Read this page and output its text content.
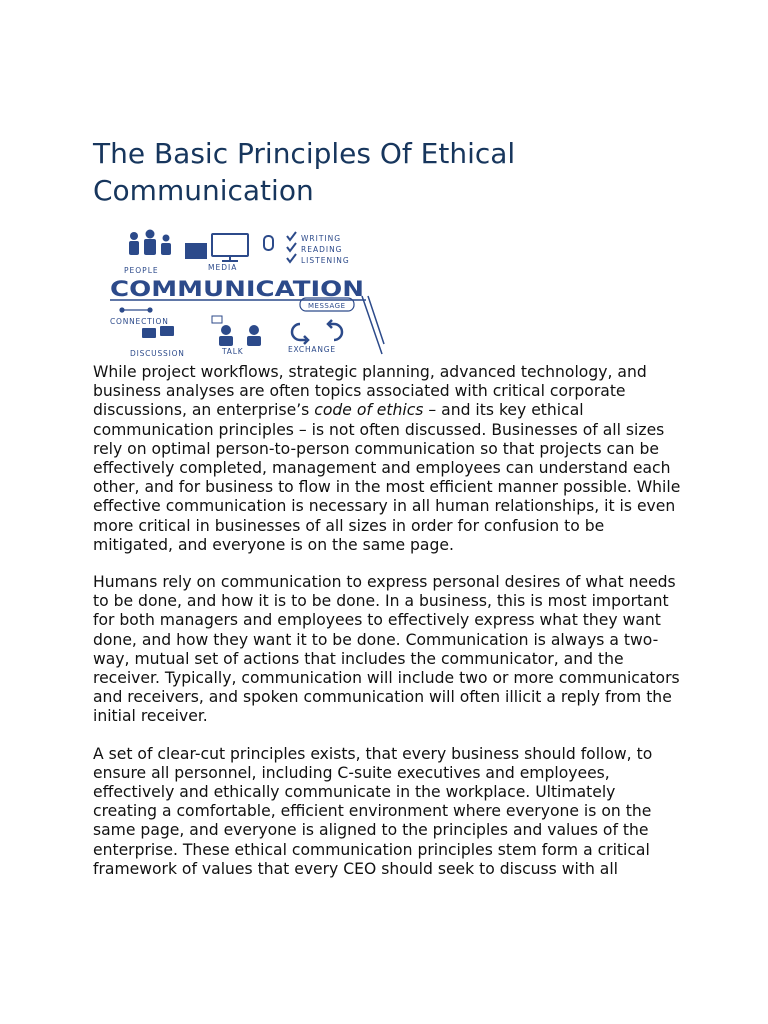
The Basic Principles Of Ethical Communication
PEOPLE	MEDIA
WRITING
READING
LISTENING
COMMUNICATION
MESSAGE
CONNECTION
DISCUSSION	TALK	EXCHANGE

While project workflows, strategic planning, advanced technology, and business analyses are often topics associated with critical corporate discussions, an enterprise’s code of ethics – and its key ethical communication principles – is not often discussed. Businesses of all sizes rely on optimal person-to-person communication so that projects can be effectively completed, management and employees can understand each other, and for business to flow in the most efficient manner possible. While effective communication is necessary in all human relationships, it is even more critical in businesses of all sizes in order for confusion to be mitigated, and everyone is on the same page.

Humans rely on communication to express personal desires of what needs to be done, and how it is to be done. In a business, this is most important for both managers and employees to effectively express what they want done, and how they want it to be done. Communication is always a two-way, mutual set of actions that includes the communicator, and the receiver. Typically, communication will include two or more communicators and receivers, and spoken communication will often illicit a reply from the initial receiver.

A set of clear-cut principles exists, that every business should follow, to ensure all personnel, including C-suite executives and employees, effectively and ethically communicate in the workplace. Ultimately creating a comfortable, efficient environment where everyone is on the same page, and everyone is aligned to the principles and values of the enterprise. These ethical communication principles stem form a critical framework of values that every CEO should seek to discuss with all
